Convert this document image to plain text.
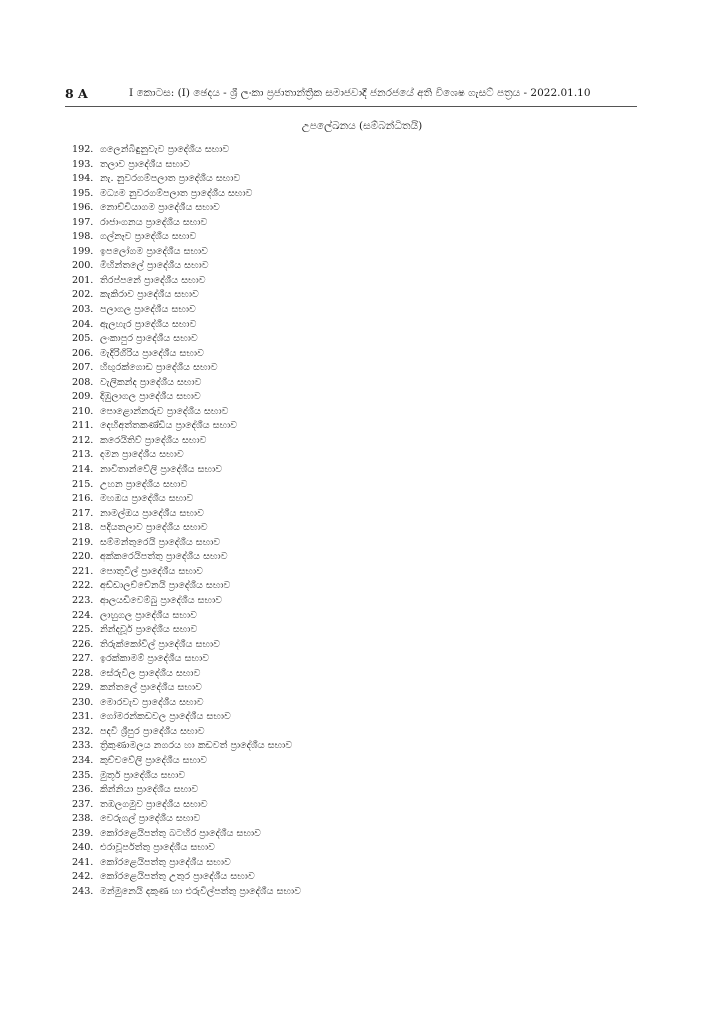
8 A	I කොටස: (I) ඡෙදය - ශ්‍රී ලංකා ප්‍රජාතාන්ත්‍රික සමාජවාදී ජනරජයේ අති විශෙෂ ගැසට් පත්‍රය - 2022.01.10
උපලේඛනය (සම්බන්ධිතයි)
192. ගලෙන්බිඳුනුවැව ප්‍රාදේශීය සභාව
193. තලාව ප්‍රාදේශීය සභාව
194. නැ. නුවරගම්පලාත ප්‍රාදේශීය සභාව
195. මධ්‍යම නුවරගම්පලාත ප්‍රාදේශීය සභාව
196. නොච්චියාගම ප්‍රාදේශීය සභාව
197. රාජාංගනය ප්‍රාදේශීය සභාව
198. ගල්නෑව ප්‍රාදේශීය සභාව
199. ඉපලෝගම ප්‍රාදේශීය සභාව
200. මිහින්තලේ ප්‍රාදේශීය සභාව
201. තිරප්පනේ ප්‍රාදේශීය සභාව
202. කැකිරාව ප්‍රාදේශීය සභාව
203. පලාගල ප්‍රාදේශීය සභාව
204. ඇලහැර ප්‍රාදේශීය සභාව
205. ලංකාපුර ප්‍රාදේශීය සභාව
206. මැදිරිගිරිය ප්‍රාදේශීය සභාව
207. හිඟුරක්ගොඩ ප්‍රාදේශීය සභාව
208. වැලිකන්ද ප්‍රාදේශීය සභාව
209. දිඹුලාගල ප්‍රාදේශීය සභාව
210. පොළොන්නරුව ප්‍රාදේශීය සභාව
211. දෙහිඅත්තකණ්ඩිය ප්‍රාදේශීය සභාව
212. කරෙයිතිව් ප්‍රාදේශීය සභාව
213. දමන ප්‍රාදේශීය සභාව
214. නාවිතාන්වේලි ප්‍රාදේශීය සභාව
215. උහන ප්‍රාදේශීය සභාව
216. මහඔය ප්‍රාදේශීය සභාව
217. නාමල්ඔය ප්‍රාදේශීය සභාව
218. පදියතලාව ප්‍රාදේශීය සභාව
219. සම්මන්තුරෙයි ප්‍රාදේශීය සභාව
220. අක්කරෙයිපත්තු ප්‍රාදේශීය සභාව
221. පොතුවිල් ප්‍රාදේශීය සභාව
222. අඩ්ඩාලච්චේනයි ප්‍රාදේශීය සභාව
223. ආලයඩිවෙම්බු ප්‍රාදේශීය සභාව
224. ලාහුගල ප්‍රාදේශීය සභාව
225. නින්දවූර් ප්‍රාදේශීය සභාව
226. තිරුක්කෝවිල් ප්‍රාදේශීය සභාව
227. ඉරක්කාමම් ප්‍රාදේශීය සභාව
228. සේරුවිල ප්‍රාදේශීය සභාව
229. කන්තලේ ප්‍රාදේශීය සභාව
230. මොරවැව ප්‍රාදේශීය සභාව
231. ගෝමරන්කඩවල ප්‍රාදේශීය සභාව
232. පදවි ශ්‍රීපුර ප්‍රාදේශීය සභාව
233. ත්‍රිකුණාමලය නගරය හා කඩවත් ප්‍රාදේශීය සභාව
234. කුච්චවේලි ප්‍රාදේශීය සභාව
235. මුතූර් ප්‍රාදේශීය සභාව
236. කින්නියා ප්‍රාදේශීය සභාව
237. තඹලගමුව ප්‍රාදේශීය සභාව
238. වෙරුගල් ප්‍රාදේශීය සභාව
239. කෝරළෙයිපත්තු බටහිර ප්‍රාදේශීය සභාව
240. එරාවූර්පත්තු ප්‍රාදේශීය සභාව
241. කෝරළෙයිපත්තු ප්‍රාදේශීය සභාව
242. කෝරළෙයිපත්තු උතුර ප්‍රාදේශීය සභාව
243. මන්මුනෙයි දකුණ හා එරුවිල්පත්තු ප්‍රාදේශීය සභාව
